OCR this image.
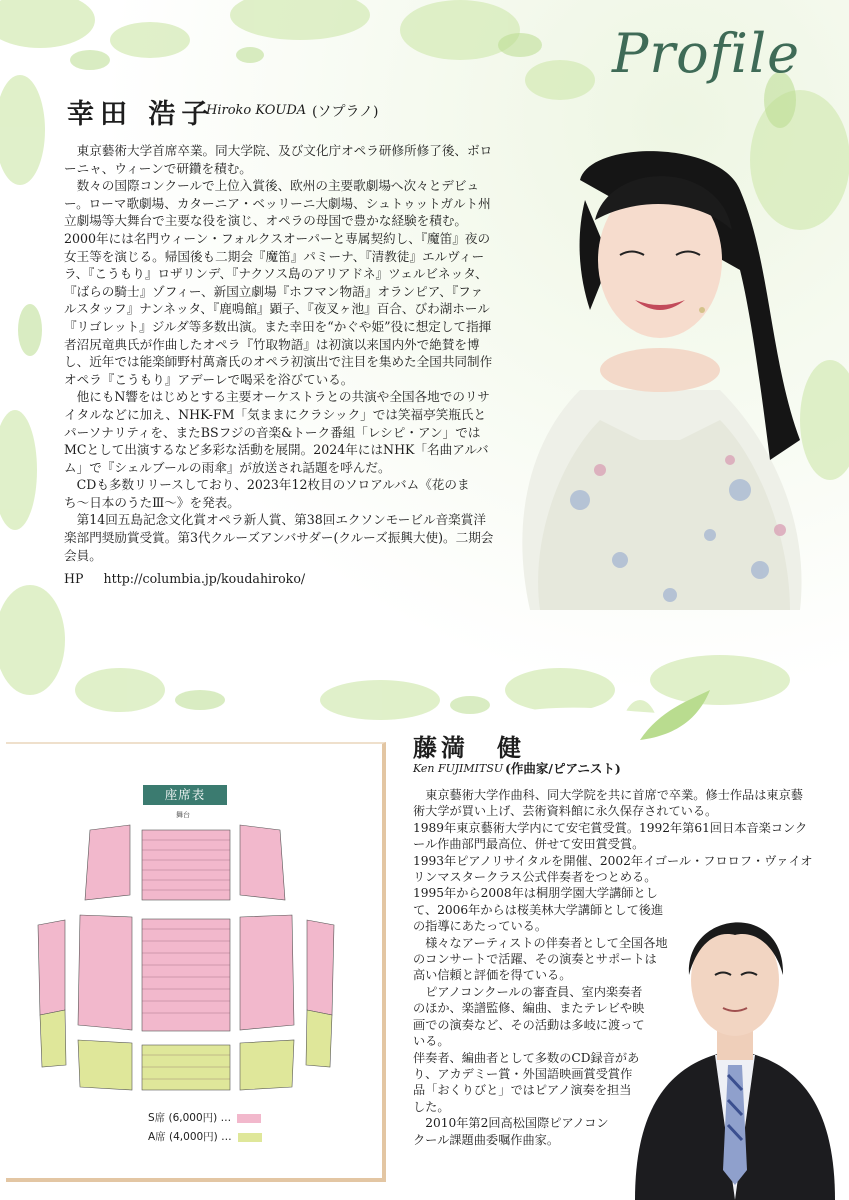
Profile
幸田 浩子
Hiroko KOUDA (ソプラノ)

東京藝術大学首席卒業。同大学院、及び文化庁オペラ研修所修了後、ボローニャ、ウィーンで研鑽を積む。

数々の国際コンクールで上位入賞後、欧州の主要歌劇場へ次々とデビュー。ローマ歌劇場、カターニア・ベッリーニ大劇場、シュトゥットガルト州立劇場等大舞台で主要な役を演じ、オペラの母国で豊かな経験を積む。2000年には名門ウィーン・フォルクスオーパーと専属契約し、『魔笛』夜の女王等を演じる。帰国後も二期会『魔笛』パミーナ、『清教徒』エルヴィーラ、『こうもり』ロザリンデ、『ナクソス島のアリアドネ』ツェルビネッタ、『ばらの騎士』ゾフィー、新国立劇場『ホフマン物語』オランピア、『ファルスタッフ』ナンネッタ、『鹿鳴館』顕子、『夜叉ヶ池』百合、びわ湖ホール『リゴレット』ジルダ等多数出演。また幸田を“かぐや姫”役に想定して指揮者沼尻竜典氏が作曲したオペラ『竹取物語』は初演以来国内外で絶賛を博し、近年では能楽師野村萬斎氏のオペラ初演出で注目を集めた全国共同制作オペラ『こうもり』アデーレで喝采を浴びている。

他にもN響をはじめとする主要オーケストラとの共演や全国各地でのリサイタルなどに加え、NHK-FM「気ままにクラシック」では笑福亭笑瓶氏とパーソナリティを、またBSフジの音楽&トーク番組「レシピ・アン」ではMCとして出演するなど多彩な活動を展開。2024年にはNHK「名曲アルバム」で『シェルブールの雨傘』が放送され話題を呼んだ。

CDも多数リリースしており、2023年12枚目のソロアルバム《花のまち〜日本のうたⅢ〜》を発表。

第14回五島記念文化賞オペラ新人賞、第38回エクソンモービル音楽賞洋楽部門奨励賞受賞。第3代クルーズアンバサダー(クルーズ振興大使)。二期会会員。

HP http://columbia.jp/koudahiroko/

藤満　健
Ken FUJIMITSU (作曲家/ピアニスト)

東京藝術大学作曲科、同大学院を共に首席で卒業。修士作品は東京藝術大学が買い上げ、芸術資料館に永久保存されている。

1989年東京藝術大学内にて安宅賞受賞。1992年第61回日本音楽コンクール作曲部門最高位、併せて安田賞受賞。

1993年ピアノリサイタルを開催、2002年イゴール・フロロフ・ヴァイオリンマスタークラス公式伴奏者をつとめる。

1995年から2008年は桐朋学園大学講師として、2006年からは桜美林大学講師として後進の指導にあたっている。

様々なアーティストの伴奏者として全国各地のコンサートで活躍、その演奏とサポートは高い信頼と評価を得ている。

ピアノコンクールの審査員、室内楽奏者のほか、楽譜監修、編曲、またテレビや映画での演奏など、その活動は多岐に渡っている。

伴奏者、編曲者として多数のCD録音があり、アカデミー賞・外国語映画賞受賞作品「おくりびと」ではピアノ演奏を担当した。

2010年第2回高松国際ピアノコンクール課題曲委嘱作曲家。

座席表
舞台
S席 (6,000円) …
A席 (4,000円) …
